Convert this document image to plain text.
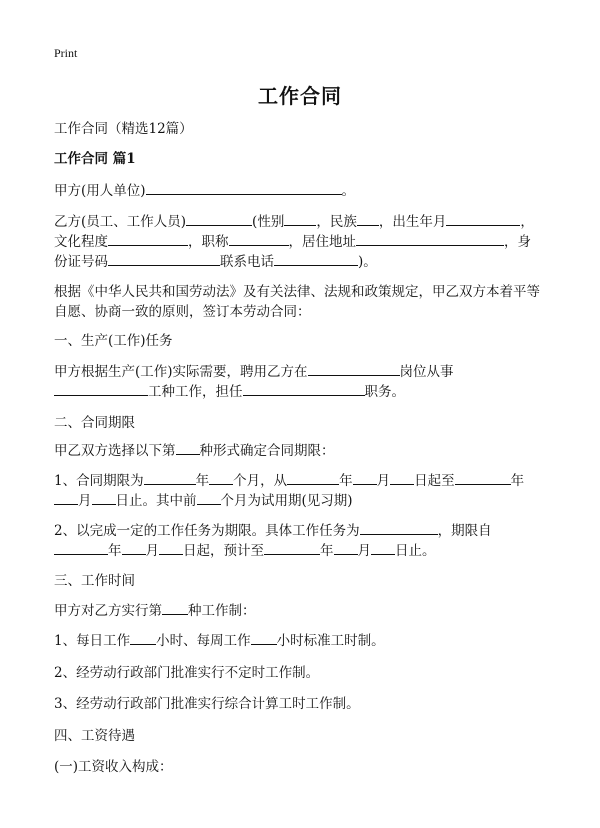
Print
工作合同
工作合同（精选12篇）
工作合同 篇1
甲方(用人单位)	。
乙方(员工、工作人员)	(性别 ，民族 ，出生年月	，
文化程度	，职称	，居住地址	，身
份证号码	联系电话	)。
根据《中华人民共和国劳动法》及有关法律、法规和政策规定，甲乙双方本着平等
自愿、协商一致的原则，签订本劳动合同：
一、生产(工作)任务
甲方根据生产(工作)实际需要，聘用乙方在	岗位从事
工种工作，担任	职务。
二、合同期限
甲乙双方选择以下第 种形式确定合同期限：
1、合同期限为	年 个月，从	年 月 日起至	年
月 日止。其中前 个月为试用期(见习期)
2、以完成一定的工作任务为期限。具体工作任务为	，期限自
年 月 日起，预计至	年 月 日止。
三、工作时间
甲方对乙方实行第 种工作制：
1、每日工作 小时、每周工作 小时标准工时制。
2、经劳动行政部门批准实行不定时工作制。
3、经劳动行政部门批准实行综合计算工时工作制。
四、工资待遇
(一)工资收入构成：
